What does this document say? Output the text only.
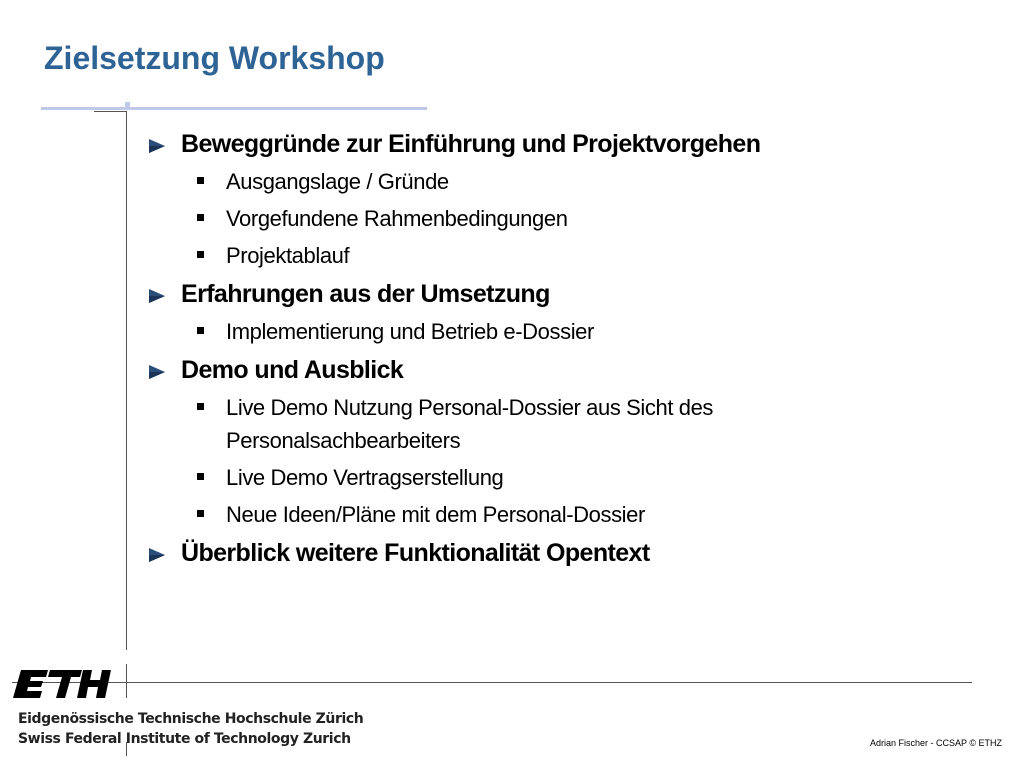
Zielsetzung Workshop
Beweggründe zur Einführung und Projektvorgehen
Ausgangslage / Gründe
Vorgefundene Rahmenbedingungen
Projektablauf
Erfahrungen aus der Umsetzung
Implementierung und Betrieb e-Dossier
Demo und Ausblick
Live Demo Nutzung Personal-Dossier aus Sicht des Personalsachbearbeiters
Live Demo Vertragserstellung
Neue Ideen/Pläne mit dem Personal-Dossier
Überblick weitere Funktionalität Opentext
ETH
Eidgenössische Technische Hochschule Zürich
Swiss Federal Institute of Technology Zurich	Adrian Fischer - CCSAP © ETHZ
